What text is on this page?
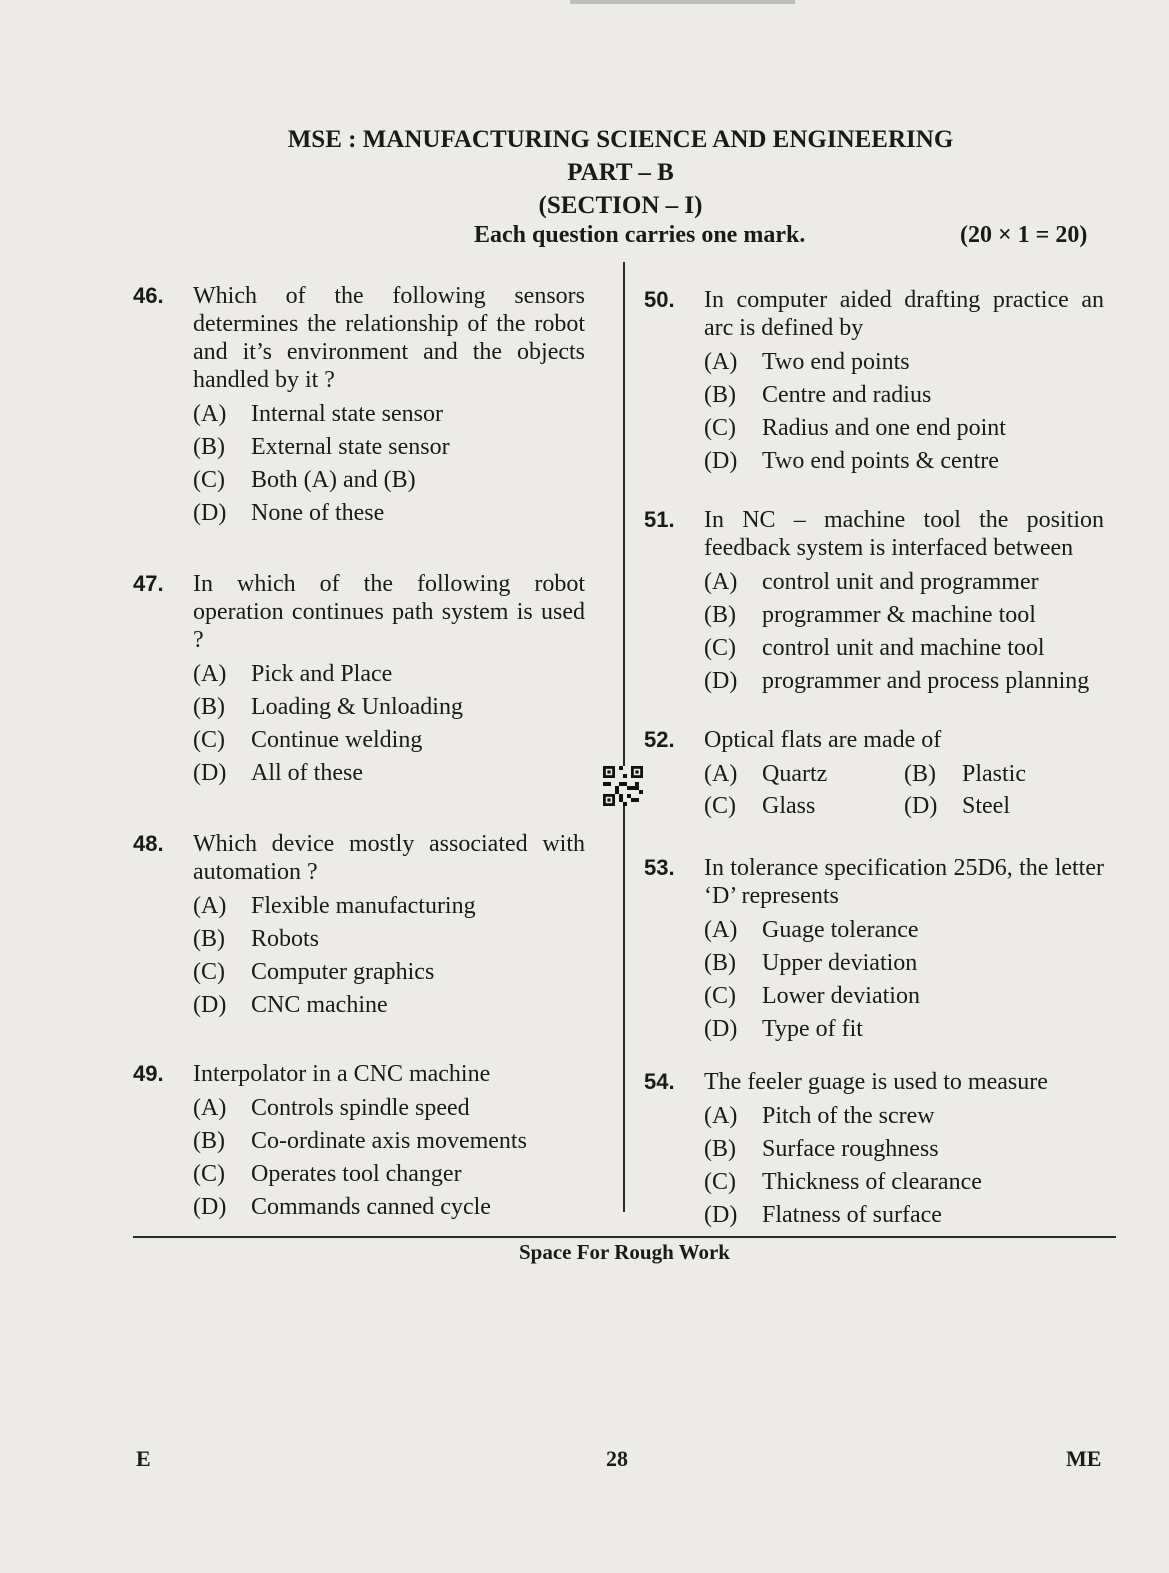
MSE : MANUFACTURING SCIENCE AND ENGINEERING
PART – B
(SECTION – I)
Each question carries one mark.	(20 × 1 = 20)
46. Which of the following sensors determines the relationship of the robot and it’s environment and the objects handled by it ?
(A)	Internal state sensor
(B)	External state sensor
(C)	Both (A) and (B)
(D)	None of these
47. In which of the following robot operation continues path system is used ?
(A)	Pick and Place
(B)	Loading & Unloading
(C)	Continue welding
(D)	All of these
48. Which device mostly associated with automation ?
(A)	Flexible manufacturing
(B)	Robots
(C)	Computer graphics
(D)	CNC machine
49. Interpolator in a CNC machine
(A)	Controls spindle speed
(B)	Co-ordinate axis movements
(C)	Operates tool changer
(D)	Commands canned cycle
50. In computer aided drafting practice an arc is defined by
(A)	Two end points
(B)	Centre and radius
(C)	Radius and one end point
(D)	Two end points & centre
51. In NC – machine tool the position feedback system is interfaced between
(A)	control unit and programmer
(B)	programmer & machine tool
(C)	control unit and machine tool
(D)	programmer and process planning
52. Optical flats are made of
(A)	Quartz	(B)	Plastic
(C)	Glass	(D)	Steel
53. In tolerance specification 25D6, the letter ‘D’ represents
(A)	Guage tolerance
(B)	Upper deviation
(C)	Lower deviation
(D)	Type of fit
54. The feeler guage is used to measure
(A)	Pitch of the screw
(B)	Surface roughness
(C)	Thickness of clearance
(D)	Flatness of surface
Space For Rough Work
E	28	ME
